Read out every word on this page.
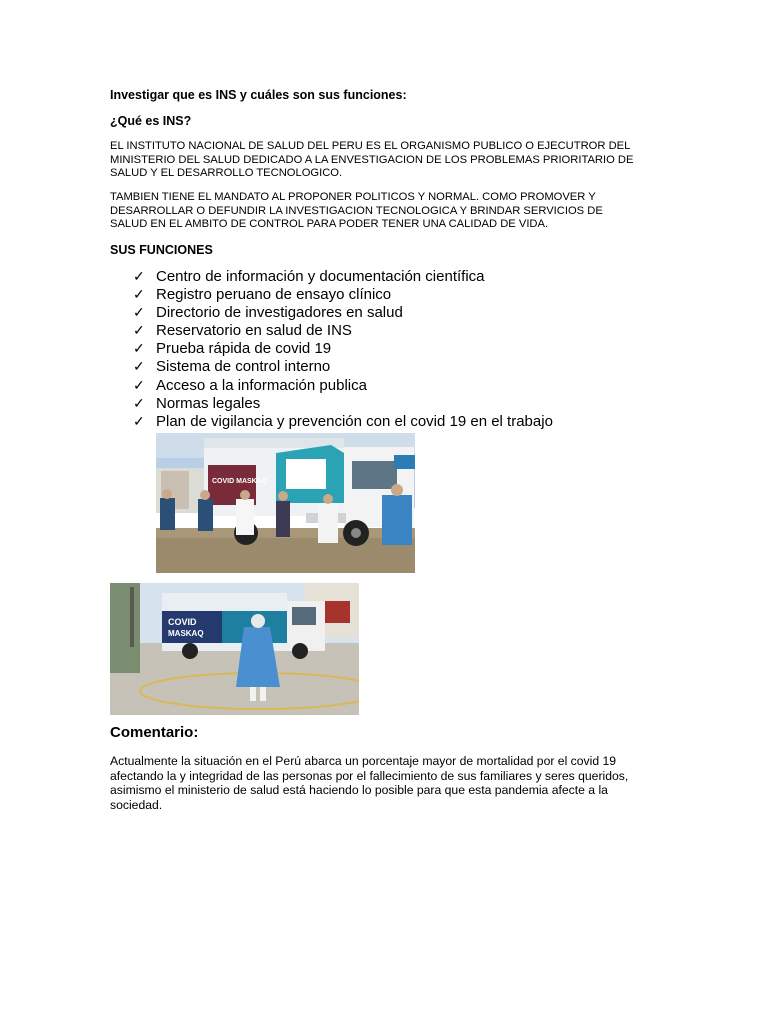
Investigar que es INS y cuáles son sus funciones:
¿Qué es INS?
EL INSTITUTO NACIONAL DE SALUD DEL PERU ES EL ORGANISMO PUBLICO O EJECUTROR DEL
MINISTERIO DEL SALUD DEDICADO A LA ENVESTIGACION DE LOS PROBLEMAS PRIORITARIO DE
SALUD Y EL DESARROLLO TECNOLOGICO.
TAMBIEN TIENE EL MANDATO AL PROPONER POLITICOS Y NORMAL. COMO PROMOVER Y
DESARROLLAR O DEFUNDIR LA INVESTIGACION TECNOLOGICA Y BRINDAR SERVICIOS DE
SALUD EN EL AMBITO DE CONTROL PARA PODER TENER UNA CALIDAD DE VIDA.
SUS FUNCIONES
✓ Centro de información y documentación científica
✓ Registro peruano de ensayo clínico
✓ Directorio de investigadores en salud
✓ Reservatorio en salud de INS
✓ Prueba rápida de covid 19
✓ Sistema de control interno
✓ Acceso a la información publica
✓ Normas legales
✓ Plan de vigilancia y prevención con el covid 19 en el trabajo
COVID MASKAQ
COVID
MASKAQ
Comentario:
Actualmente la situación en el Perú abarca un porcentaje mayor de mortalidad por el covid 19
afectando la y integridad de las personas por el fallecimiento de sus familiares y seres queridos,
asimismo el ministerio de salud está haciendo lo posible para que esta pandemia afecte a la
sociedad.
